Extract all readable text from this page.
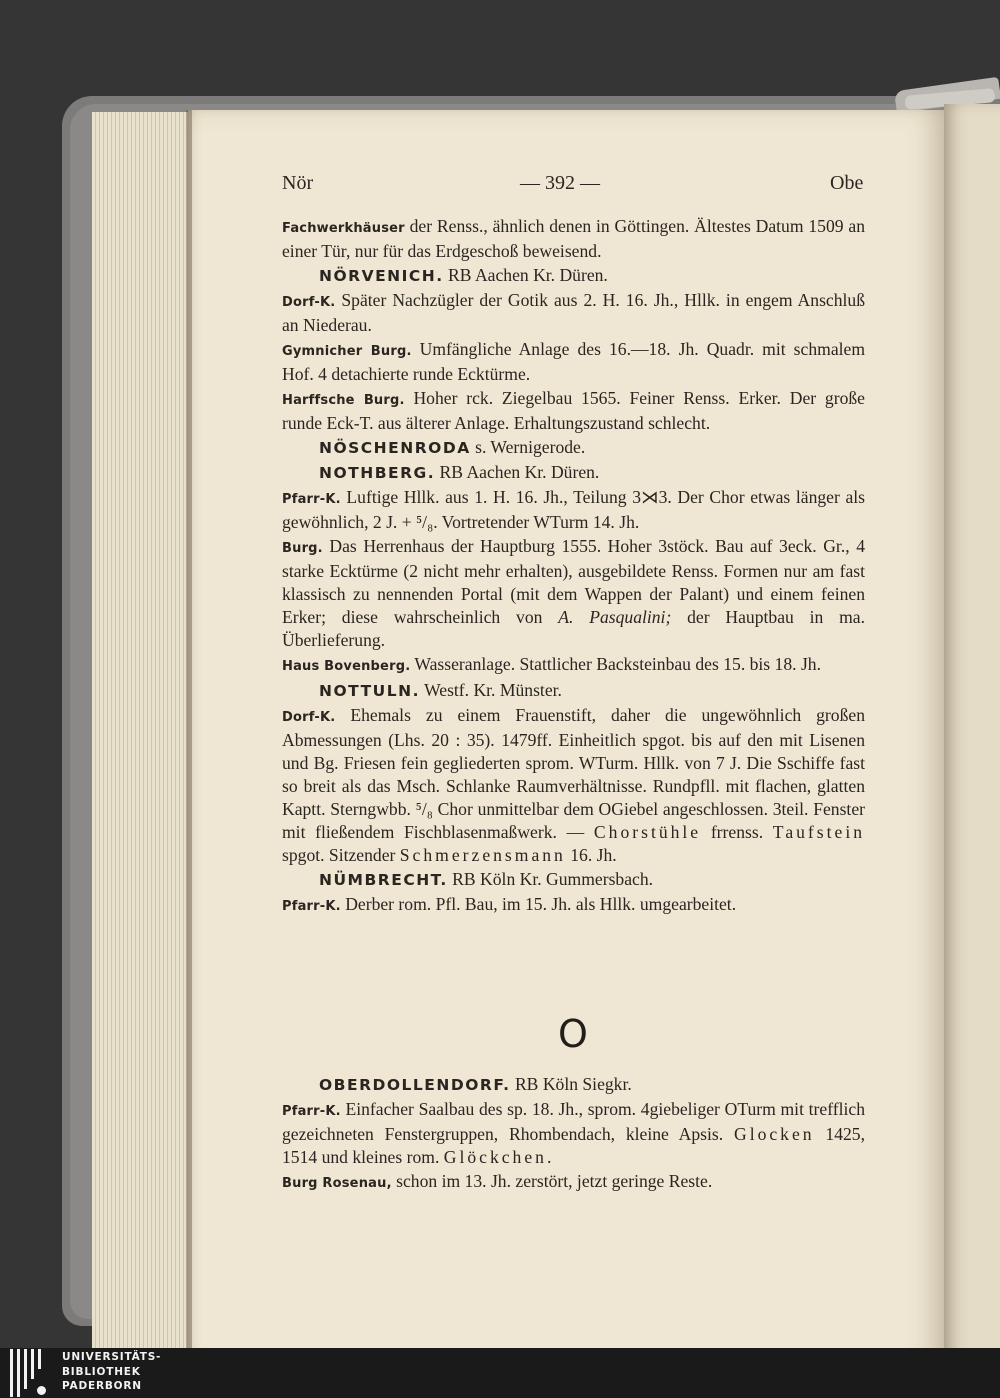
Nör	— 392 —	Obe

Fachwerkhäuser der Renss., ähnlich denen in Göttingen. Ältestes Datum 1509 an einer Tür, nur für das Erdgeschoß beweisend.

NÖRVENICH. RB Aachen Kr. Düren.

Dorf-K. Später Nachzügler der Gotik aus 2. H. 16. Jh., Hllk. in engem Anschluß an Niederau.

Gymnicher Burg. Umfängliche Anlage des 16.—18. Jh. Quadr. mit schmalem Hof. 4 detachierte runde Ecktürme.

Harffsche Burg. Hoher rck. Ziegelbau 1565. Feiner Renss. Erker. Der große runde Eck-T. aus älterer Anlage. Erhaltungszustand schlecht.

NÖSCHENRODA s. Wernigerode.

NOTHBERG. RB Aachen Kr. Düren.

Pfarr-K. Luftige Hllk. aus 1. H. 16. Jh., Teilung 3⋊3. Der Chor etwas länger als gewöhnlich, 2 J. + ⁵/₈. Vortretender WTurm 14. Jh.

Burg. Das Herrenhaus der Hauptburg 1555. Hoher 3stöck. Bau auf 3eck. Gr., 4 starke Ecktürme (2 nicht mehr erhalten), ausgebildete Renss. Formen nur am fast klassisch zu nennenden Portal (mit dem Wappen der Palant) und einem feinen Erker; diese wahrscheinlich von A. Pasqualini; der Hauptbau in ma. Überlieferung.

Haus Bovenberg. Wasseranlage. Stattlicher Backsteinbau des 15. bis 18. Jh.

NOTTULN. Westf. Kr. Münster.

Dorf-K. Ehemals zu einem Frauenstift, daher die ungewöhnlich großen Abmessungen (Lhs. 20 : 35). 1479ff. Einheitlich spgot. bis auf den mit Lisenen und Bg. Friesen fein gegliederten sprom. WTurm. Hllk. von 7 J. Die Sschiffe fast so breit als das Msch. Schlanke Raumverhältnisse. Rundpfll. mit flachen, glatten Kaptt. Sterngwbb. ⁵/₈ Chor unmittelbar dem OGiebel angeschlossen. 3teil. Fenster mit fließendem Fischblasenmaßwerk. — Chorstühle frrenss. Taufstein spgot. Sitzender Schmerzensmann 16. Jh.

NÜMBRECHT. RB Köln Kr. Gummersbach.

Pfarr-K. Derber rom. Pfl. Bau, im 15. Jh. als Hllk. umgearbeitet.

O

OBERDOLLENDORF. RB Köln Siegkr.

Pfarr-K. Einfacher Saalbau des sp. 18. Jh., sprom. 4giebeliger OTurm mit trefflich gezeichneten Fenstergruppen, Rhombendach, kleine Apsis. Glocken 1425, 1514 und kleines rom. Glöckchen.

Burg Rosenau, schon im 13. Jh. zerstört, jetzt geringe Reste.

UNIVERSITÄTS-
BIBLIOTHEK
PADERBORN
